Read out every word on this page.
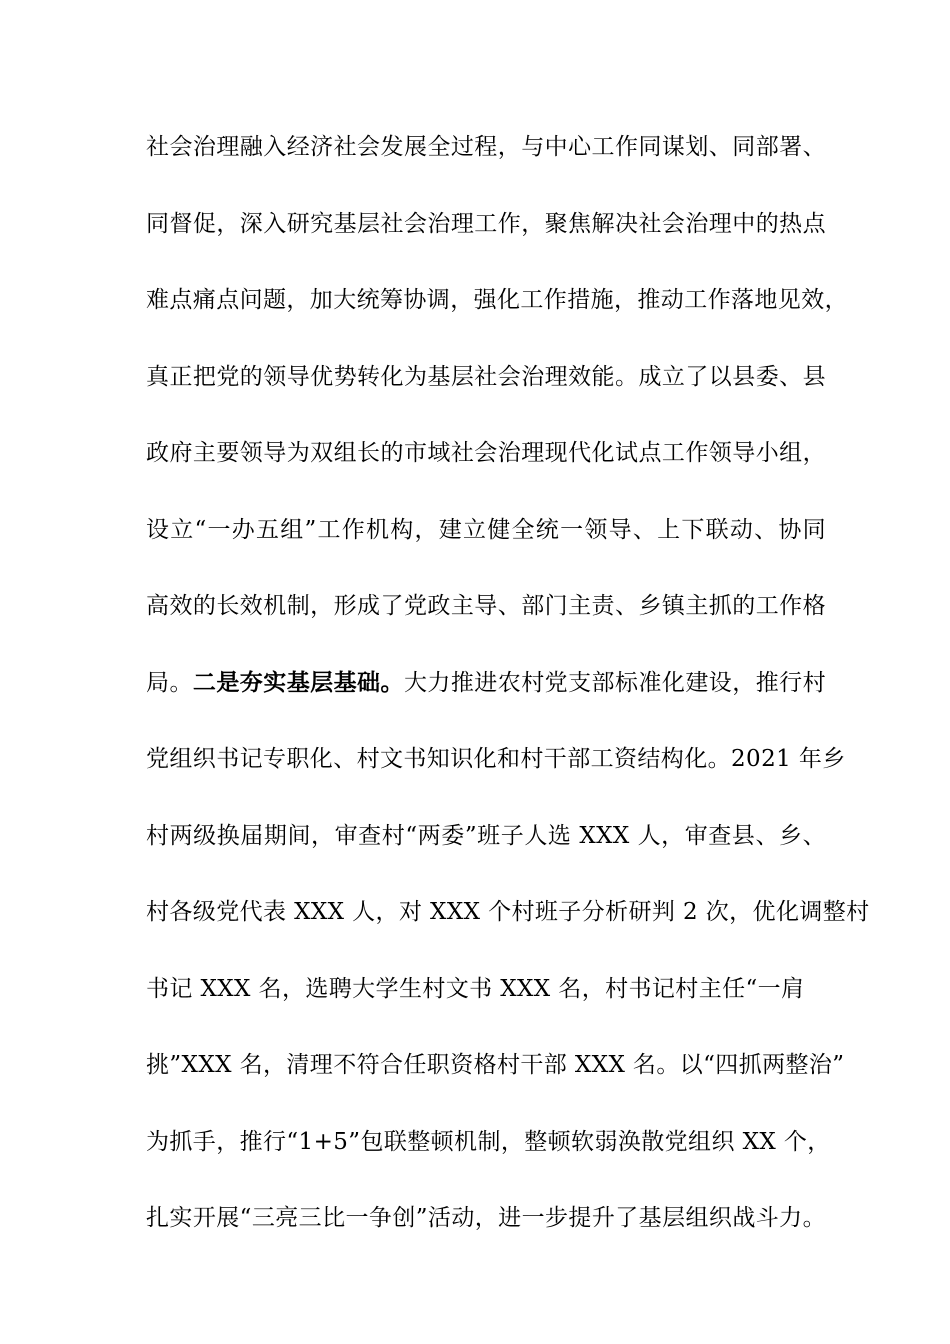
社会治理融入经济社会发展全过程，与中心工作同谋划、同部署、
同督促，深入研究基层社会治理工作，聚焦解决社会治理中的热点
难点痛点问题，加大统筹协调，强化工作措施，推动工作落地见效，
真正把党的领导优势转化为基层社会治理效能。成立了以县委、县
政府主要领导为双组长的市域社会治理现代化试点工作领导小组，
设立“一办五组”工作机构，建立健全统一领导、上下联动、协同
高效的长效机制，形成了党政主导、部门主责、乡镇主抓的工作格
局。二是夯实基层基础。大力推进农村党支部标准化建设，推行村
党组织书记专职化、村文书知识化和村干部工资结构化。2021 年乡
村两级换届期间，审查村“两委”班子人选 XXX 人，审查县、乡、
村各级党代表 XXX 人，对 XXX 个村班子分析研判 2 次，优化调整村
书记 XXX 名，选聘大学生村文书 XXX 名，村书记村主任“一肩
挑”XXX 名，清理不符合任职资格村干部 XXX 名。以“四抓两整治”
为抓手，推行“1+5”包联整顿机制，整顿软弱涣散党组织 XX 个，
扎实开展“三亮三比一争创”活动，进一步提升了基层组织战斗力。
